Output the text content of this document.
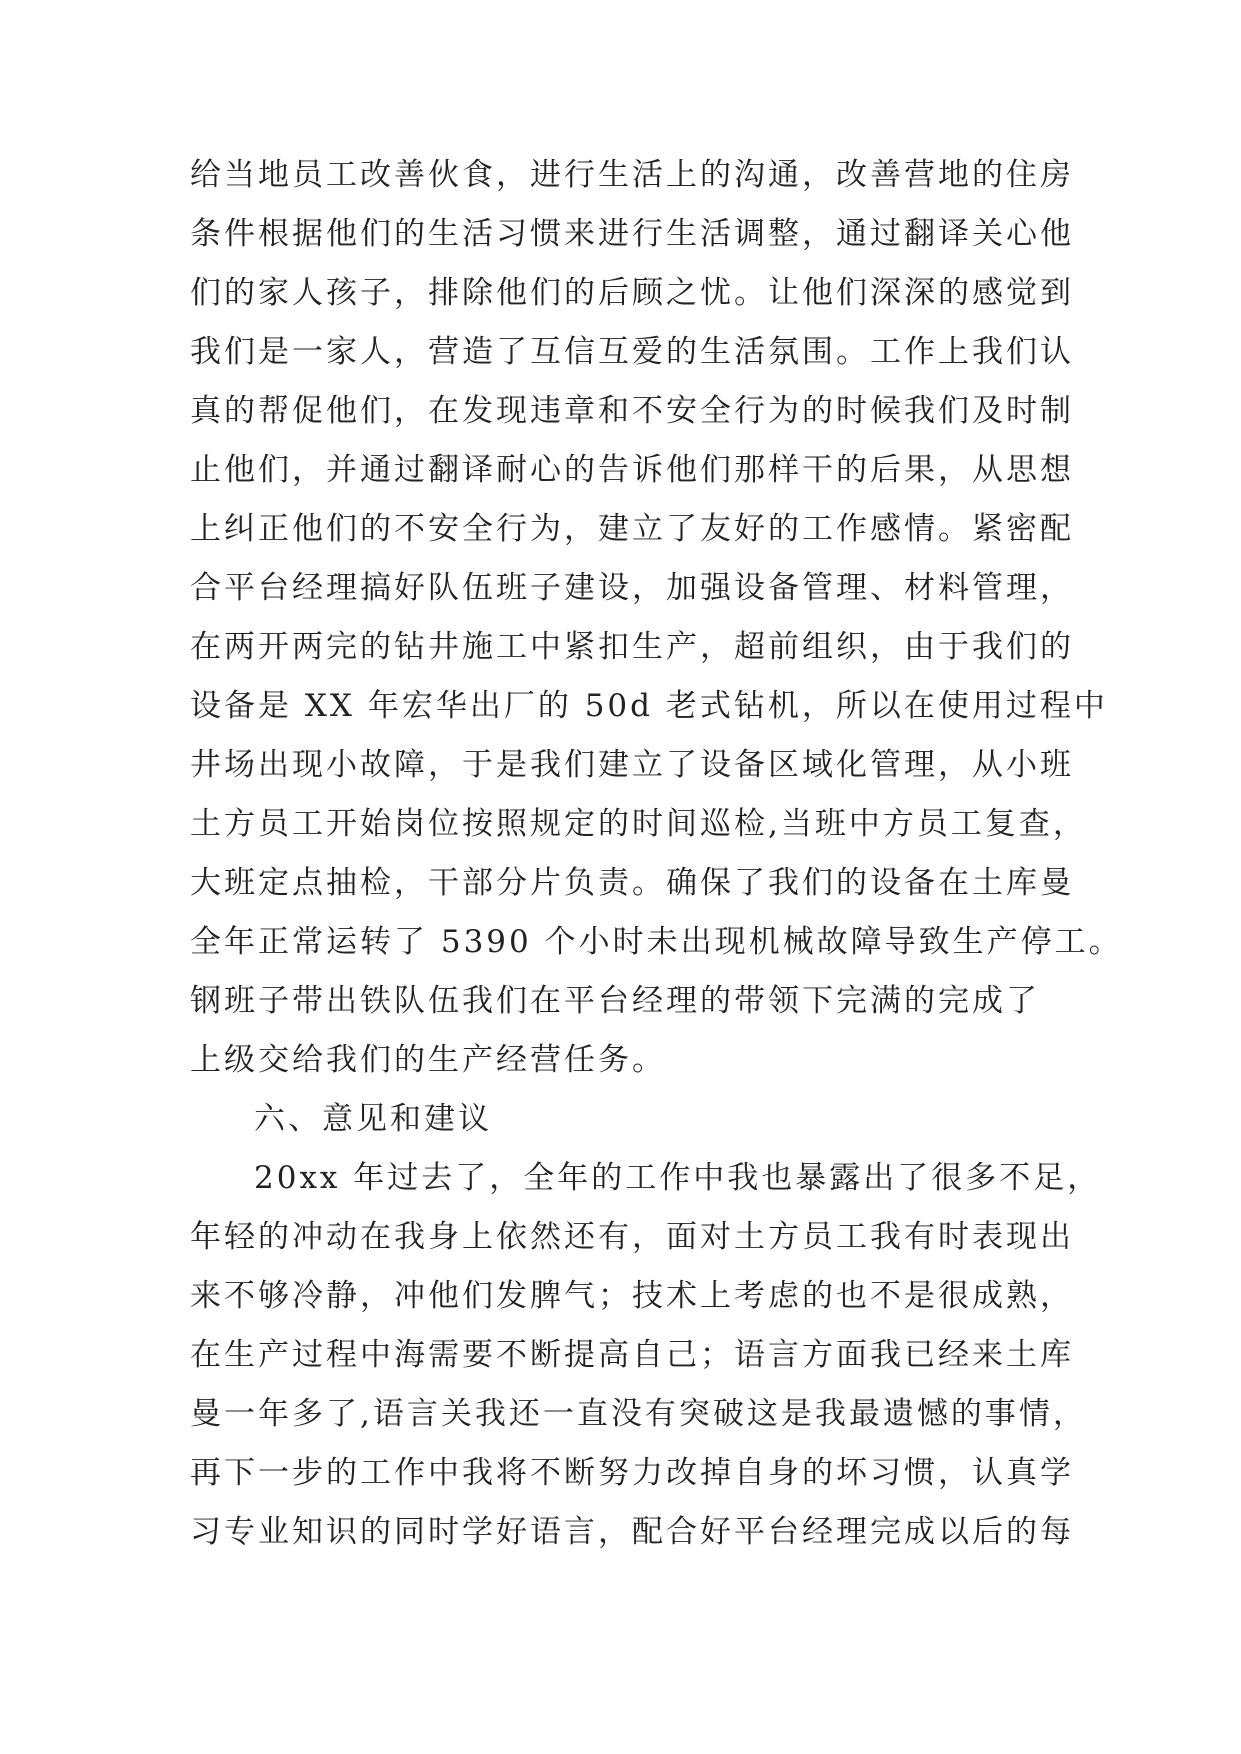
给当地员工改善伙食，进行生活上的沟通，改善营地的住房
条件根据他们的生活习惯来进行生活调整，通过翻译关心他
们的家人孩子，排除他们的后顾之忧。让他们深深的感觉到
我们是一家人，营造了互信互爱的生活氛围。工作上我们认
真的帮促他们，在发现违章和不安全行为的时候我们及时制
止他们，并通过翻译耐心的告诉他们那样干的后果，从思想
上纠正他们的不安全行为，建立了友好的工作感情。紧密配
合平台经理搞好队伍班子建设，加强设备管理、材料管理，
在两开两完的钻井施工中紧扣生产，超前组织，由于我们的
设备是 XX 年宏华出厂的 50d 老式钻机，所以在使用过程中
井场出现小故障，于是我们建立了设备区域化管理，从小班
土方员工开始岗位按照规定的时间巡检,当班中方员工复查，
大班定点抽检，干部分片负责。确保了我们的设备在土库曼
全年正常运转了 5390 个小时未出现机械故障导致生产停工。
钢班子带出铁队伍我们在平台经理的带领下完满的完成了
上级交给我们的生产经营任务。
六、意见和建议
20xx 年过去了，全年的工作中我也暴露出了很多不足，
年轻的冲动在我身上依然还有，面对土方员工我有时表现出
来不够冷静，冲他们发脾气；技术上考虑的也不是很成熟，
在生产过程中海需要不断提高自己；语言方面我已经来土库
曼一年多了,语言关我还一直没有突破这是我最遗憾的事情，
再下一步的工作中我将不断努力改掉自身的坏习惯，认真学
习专业知识的同时学好语言，配合好平台经理完成以后的每
